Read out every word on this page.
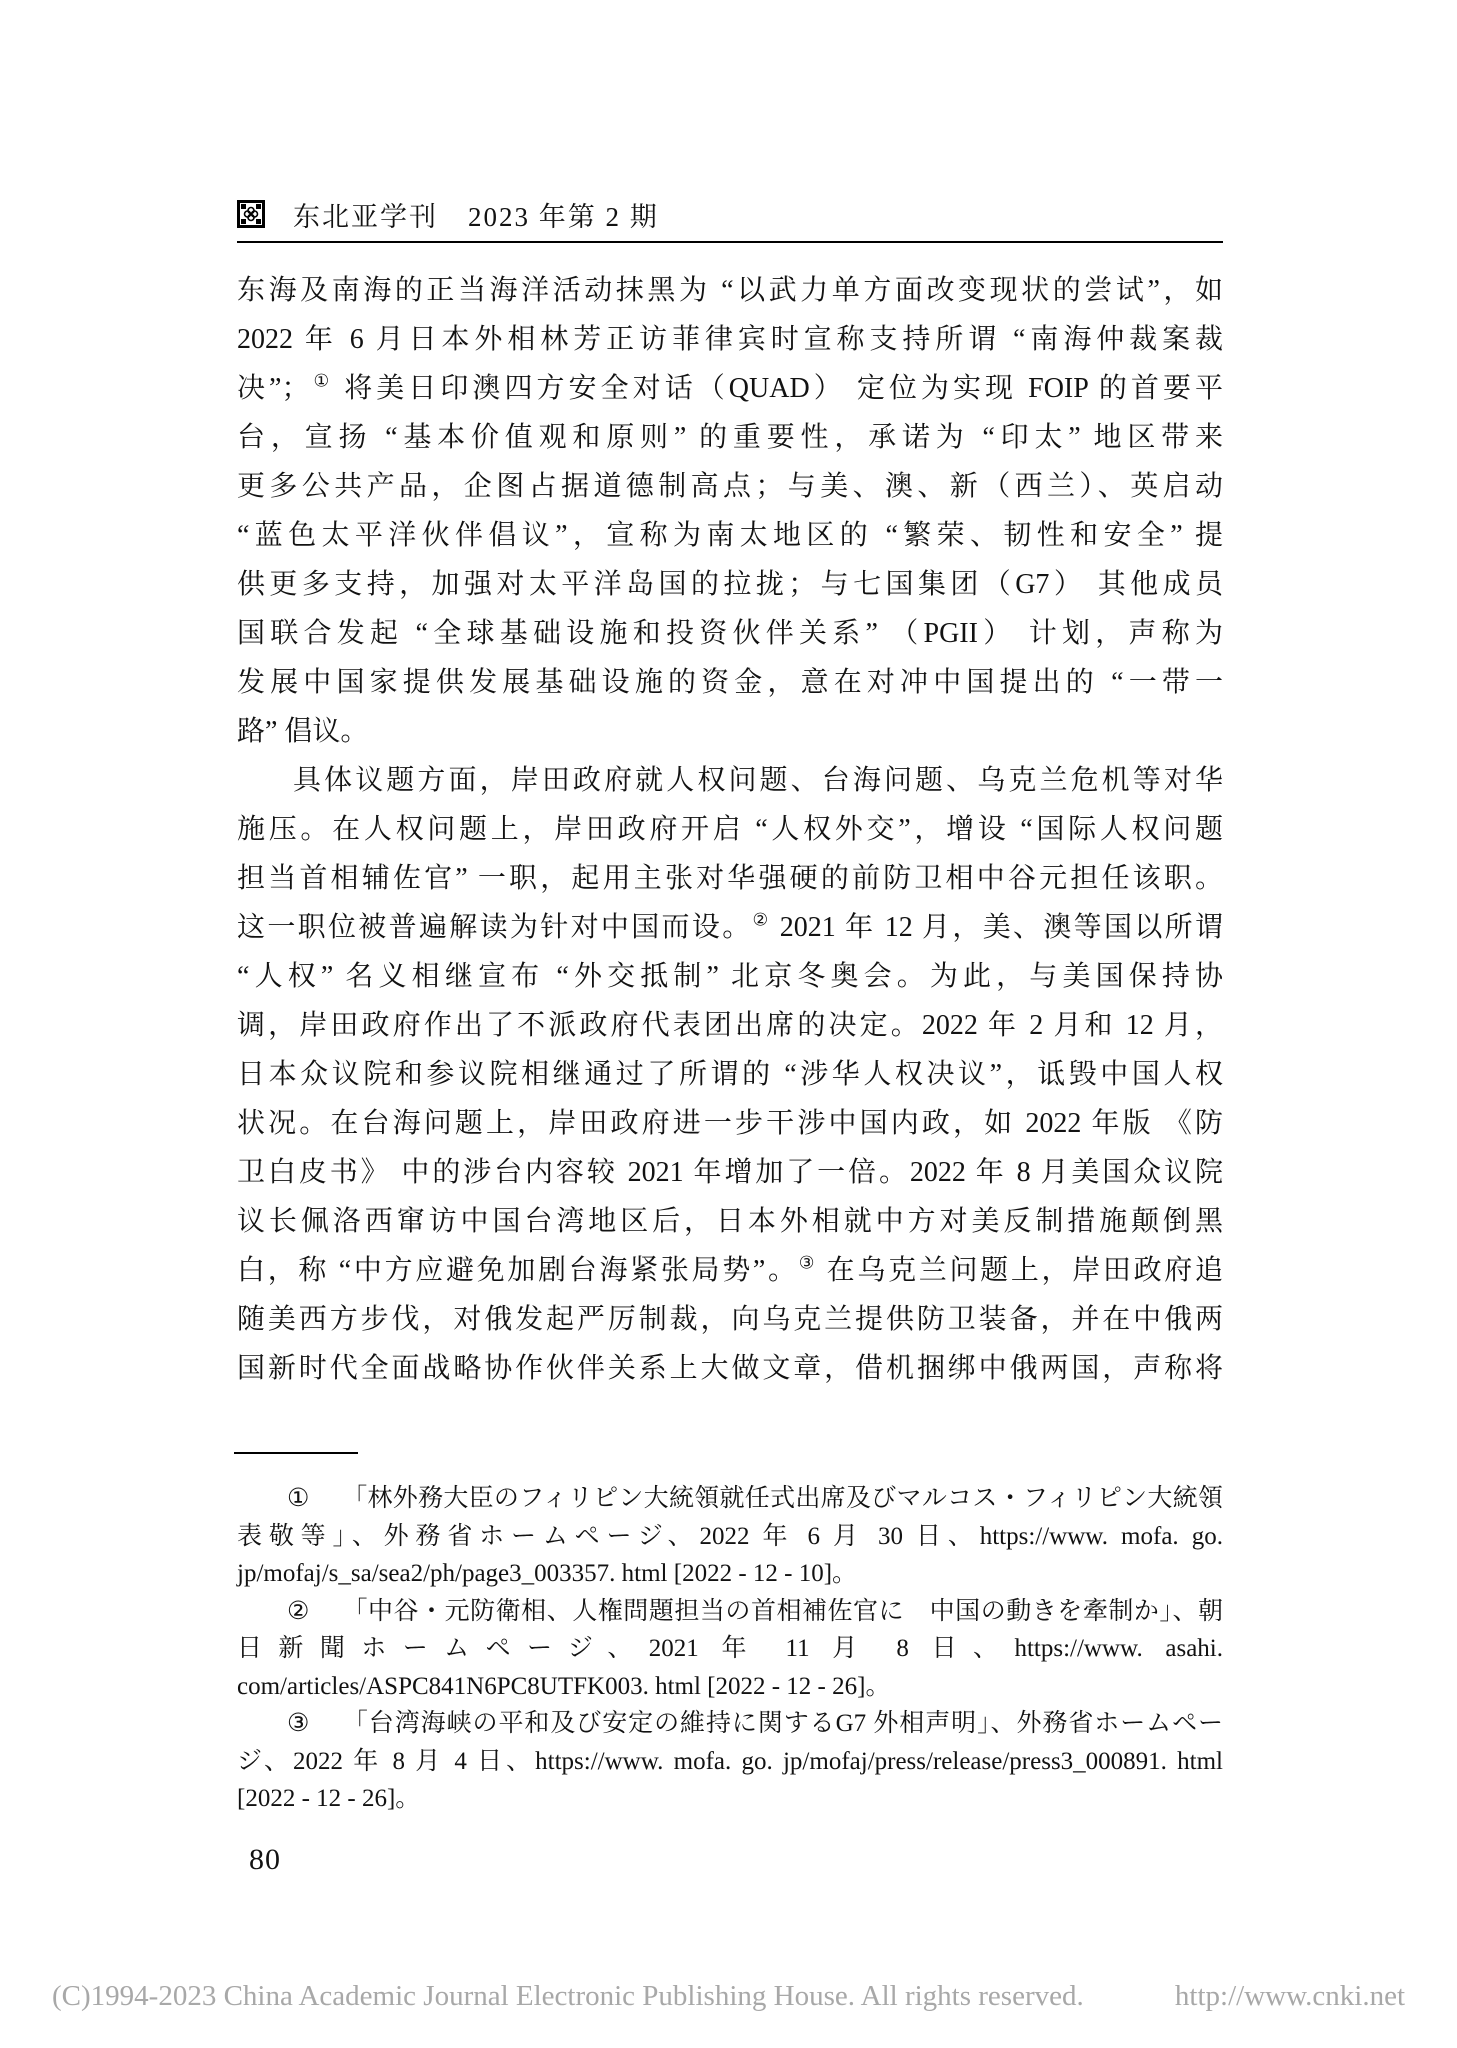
东北亚学刊 2023 年第 2 期
东海及南海的正当海洋活动抹黑为 “以武力单方面改变现状的尝试”，如
2022 年 6 月日本外相林芳正访菲律宾时宣称支持所谓 “南海仲裁案裁
决”；① 将美日印澳四方安全对话（QUAD） 定位为实现 FOIP 的首要平
台，宣扬 “基本价值观和原则” 的重要性，承诺为 “印太” 地区带来
更多公共产品，企图占据道德制高点；与美、澳、新（西兰）、英启动
“蓝色太平洋伙伴倡议”，宣称为南太地区的 “繁荣、韧性和安全” 提
供更多支持，加强对太平洋岛国的拉拢；与七国集团（G7） 其他成员
国联合发起 “全球基础设施和投资伙伴关系” （PGII） 计划，声称为
发展中国家提供发展基础设施的资金，意在对冲中国提出的 “一带一
路” 倡议。
具体议题方面，岸田政府就人权问题、台海问题、乌克兰危机等对华
施压。在人权问题上，岸田政府开启 “人权外交”，增设 “国际人权问题
担当首相辅佐官” 一职，起用主张对华强硬的前防卫相中谷元担任该职。
这一职位被普遍解读为针对中国而设。② 2021 年 12 月，美、澳等国以所谓
“人权” 名义相继宣布 “外交抵制” 北京冬奥会。为此，与美国保持协
调，岸田政府作出了不派政府代表团出席的决定。2022 年 2 月和 12 月，
日本众议院和参议院相继通过了所谓的 “涉华人权决议”，诋毁中国人权
状况。在台海问题上，岸田政府进一步干涉中国内政，如 2022 年版 《防
卫白皮书》 中的涉台内容较 2021 年增加了一倍。2022 年 8 月美国众议院
议长佩洛西窜访中国台湾地区后，日本外相就中方对美反制措施颠倒黑
白，称 “中方应避免加剧台海紧张局势”。③ 在乌克兰问题上，岸田政府追
随美西方步伐，对俄发起严厉制裁，向乌克兰提供防卫装备，并在中俄两
国新时代全面战略协作伙伴关系上大做文章，借机捆绑中俄两国，声称将

① 「林外務大臣のフィリピン大統領就任式出席及びマルコス・フィリピン大統領表敬等」、外務省ホームページ、2022 年 6 月 30 日、https://www. mofa. go. jp/mofaj/s_sa/sea2/ph/page3_003357. html [2022 - 12 - 10]。

② 「中谷・元防衛相、人権問題担当の首相補佐官に　中国の動きを牽制か」、朝日新聞ホームページ、2021 年 11 月 8 日、https://www. asahi. com/articles/ASPC841N6PC8UTFK003. html [2022 - 12 - 26]。

③ 「台湾海峡の平和及び安定の維持に関するG7 外相声明」、外務省ホームページ、2022 年 8 月 4 日、https://www. mofa. go. jp/mofaj/press/release/press3_000891. html [2022 - 12 - 26]。

80
(C)1994-2023 China Academic Journal Electronic Publishing House. All rights reserved.	http://www.cnki.net
